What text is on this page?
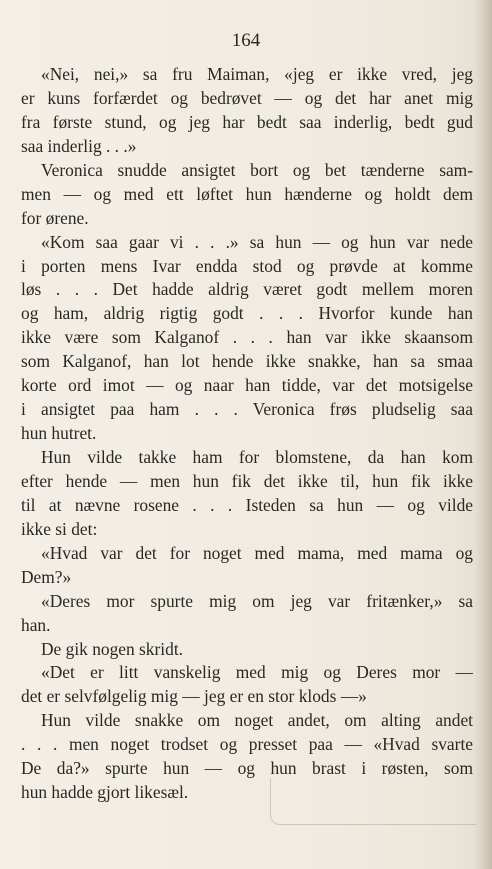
164
«Nei, nei,» sa fru Maiman, «jeg er ikke vred, jeg
er kuns forfærdet og bedrøvet — og det har anet mig
fra første stund, og jeg har bedt saa inderlig, bedt gud
saa inderlig . . .»
Veronica snudde ansigtet bort og bet tænderne sam-
men — og med ett løftet hun hænderne og holdt dem
for ørene.
«Kom saa gaar vi . . .» sa hun — og hun var nede
i porten mens Ivar endda stod og prøvde at komme
løs . . . Det hadde aldrig været godt mellem moren
og ham, aldrig rigtig godt . . . Hvorfor kunde han
ikke være som Kalganof . . . han var ikke skaansom
som Kalganof, han lot hende ikke snakke, han sa smaa
korte ord imot — og naar han tidde, var det motsigelse
i ansigtet paa ham . . . Veronica frøs pludselig saa
hun hutret.
Hun vilde takke ham for blomstene, da han kom
efter hende — men hun fik det ikke til, hun fik ikke
til at nævne rosene . . . Isteden sa hun — og vilde
ikke si det:
«Hvad var det for noget med mama, med mama og
Dem?»
«Deres mor spurte mig om jeg var fritænker,» sa
han.
De gik nogen skridt.
«Det er litt vanskelig med mig og Deres mor —
det er selvfølgelig mig — jeg er en stor klods —»
Hun vilde snakke om noget andet, om alting andet
. . . men noget trodset og presset paa — «Hvad svarte
De da?» spurte hun — og hun brast i røsten, som
hun hadde gjort likesæl.
